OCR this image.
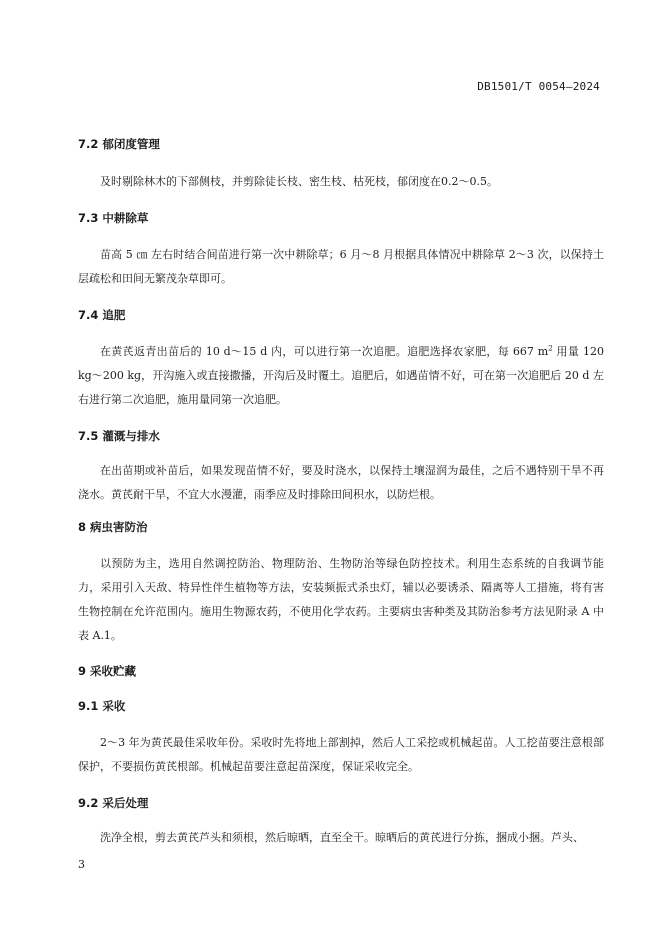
DB1501/T 0054—2024
7.2 郁闭度管理

及时剔除林木的下部侧枝，并剪除徒长枝、密生枝、枯死枝，郁闭度在0.2～0.5。

7.3 中耕除草

苗高 5 ㎝ 左右时结合间苗进行第一次中耕除草；6 月～8 月根据具体情况中耕除草 2～3 次，以保持土层疏松和田间无繁茂杂草即可。

7.4 追肥

在黄芪返青出苗后的 10 d～15 d 内，可以进行第一次追肥。追肥选择农家肥，每 667 $m^2$ 用量 120 kg～200 kg，开沟施入或直接撒播，开沟后及时覆土。追肥后，如遇苗情不好，可在第一次追肥后 20 d 左右进行第二次追肥，施用量同第一次追肥。

7.5 灌溉与排水

在出苗期或补苗后，如果发现苗情不好，要及时浇水，以保持土壤湿润为最佳，之后不遇特别干旱不再浇水。黄芪耐干旱，不宜大水漫灌，雨季应及时排除田间积水，以防烂根。

8 病虫害防治

以预防为主，选用自然调控防治、物理防治、生物防治等绿色防控技术。利用生态系统的自我调节能力，采用引入天敌、特异性伴生植物等方法，安装频振式杀虫灯，辅以必要诱杀、隔离等人工措施，将有害生物控制在允许范围内。施用生物源农药，不使用化学农药。主要病虫害种类及其防治参考方法见附录 A 中表 A.1。

9 采收贮藏
9.1 采收

2～3 年为黄芪最佳采收年份。采收时先将地上部割掉，然后人工采挖或机械起苗。人工挖苗要注意根部保护，不要损伤黄芪根部。机械起苗要注意起苗深度，保证采收完全。

9.2 采后处理

洗净全根，剪去黄芪芦头和须根，然后晾晒，直至全干。晾晒后的黄芪进行分拣，捆成小捆。芦头、

3
